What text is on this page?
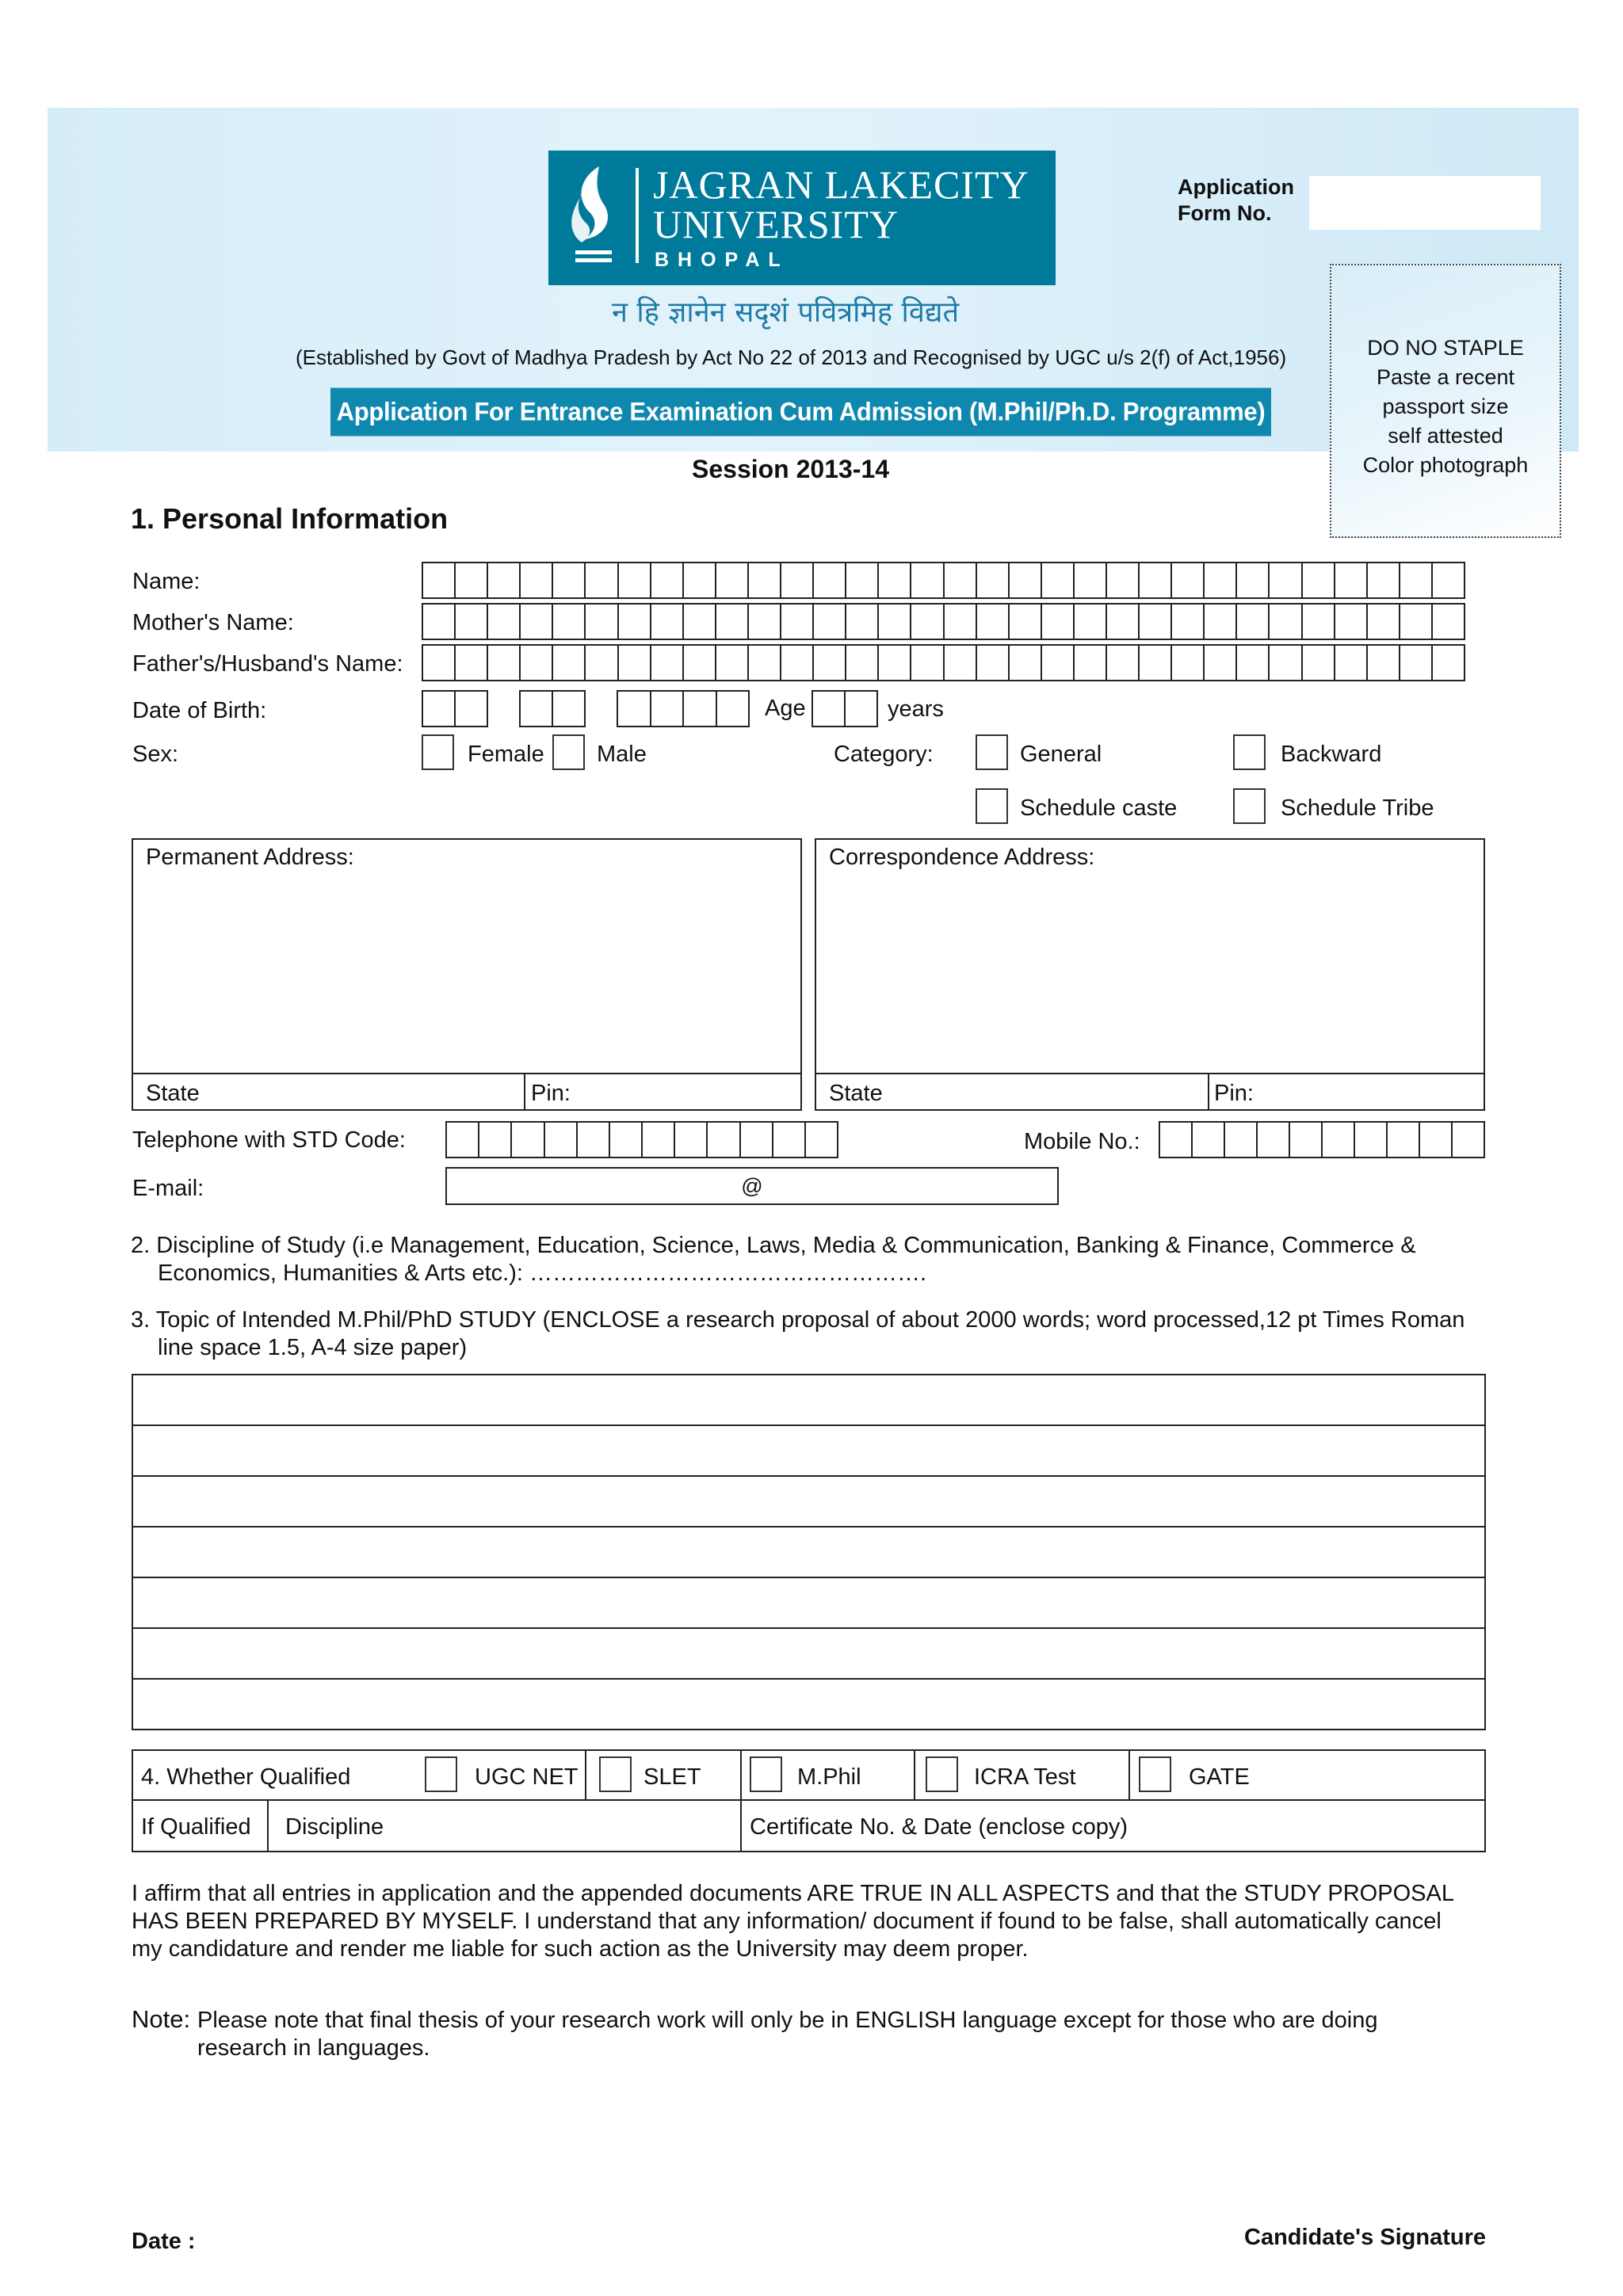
JAGRAN LAKECITY
UNIVERSITY
BHOPAL
न हि ज्ञानेन सदृशं पवित्रमिह विद्यते
(Established by Govt of Madhya Pradesh by Act No 22 of 2013 and Recognised by UGC u/s 2(f) of Act,1956)
Application For Entrance Examination Cum Admission (M.Phil/Ph.D. Programme)
Application
Form No.
DO NO STAPLE
Paste a recent
passport size
self attested
Color photograph
Session 2013-14
1. Personal Information
Name:
Mother's Name:
Father's/Husband's Name:
Date of Birth:	Age	years
Sex:	Female Male	Category:	General	Backward
Schedule caste	Schedule Tribe
Permanent Address:
State	Pin:
Correspondence Address:
State	Pin:
Telephone with STD Code:	Mobile No.:
E-mail:	@
2. Discipline of Study (i.e Management, Education, Science, Laws, Media & Communication, Banking & Finance, Commerce &
Economics, Humanities & Arts etc.): …………………………………………….
3. Topic of Intended M.Phil/PhD STUDY (ENCLOSE a research proposal of about 2000 words; word processed,12 pt Times Roman
line space 1.5, A-4 size paper)
4. Whether Qualified	UGC NET	SLET	M.Phil	ICRA Test	GATE
If Qualified Discipline	Certificate No. & Date (enclose copy)
I affirm that all entries in application and the appended documents ARE TRUE IN ALL ASPECTS and that the STUDY PROPOSAL
HAS BEEN PREPARED BY MYSELF. I understand that any information/ document if found to be false, shall automatically cancel
my candidature and render me liable for such action as the University may deem proper.
Note: Please note that final thesis of your research work will only be in ENGLISH language except for those who are doing
research in languages.
Date :	Candidate's Signature
